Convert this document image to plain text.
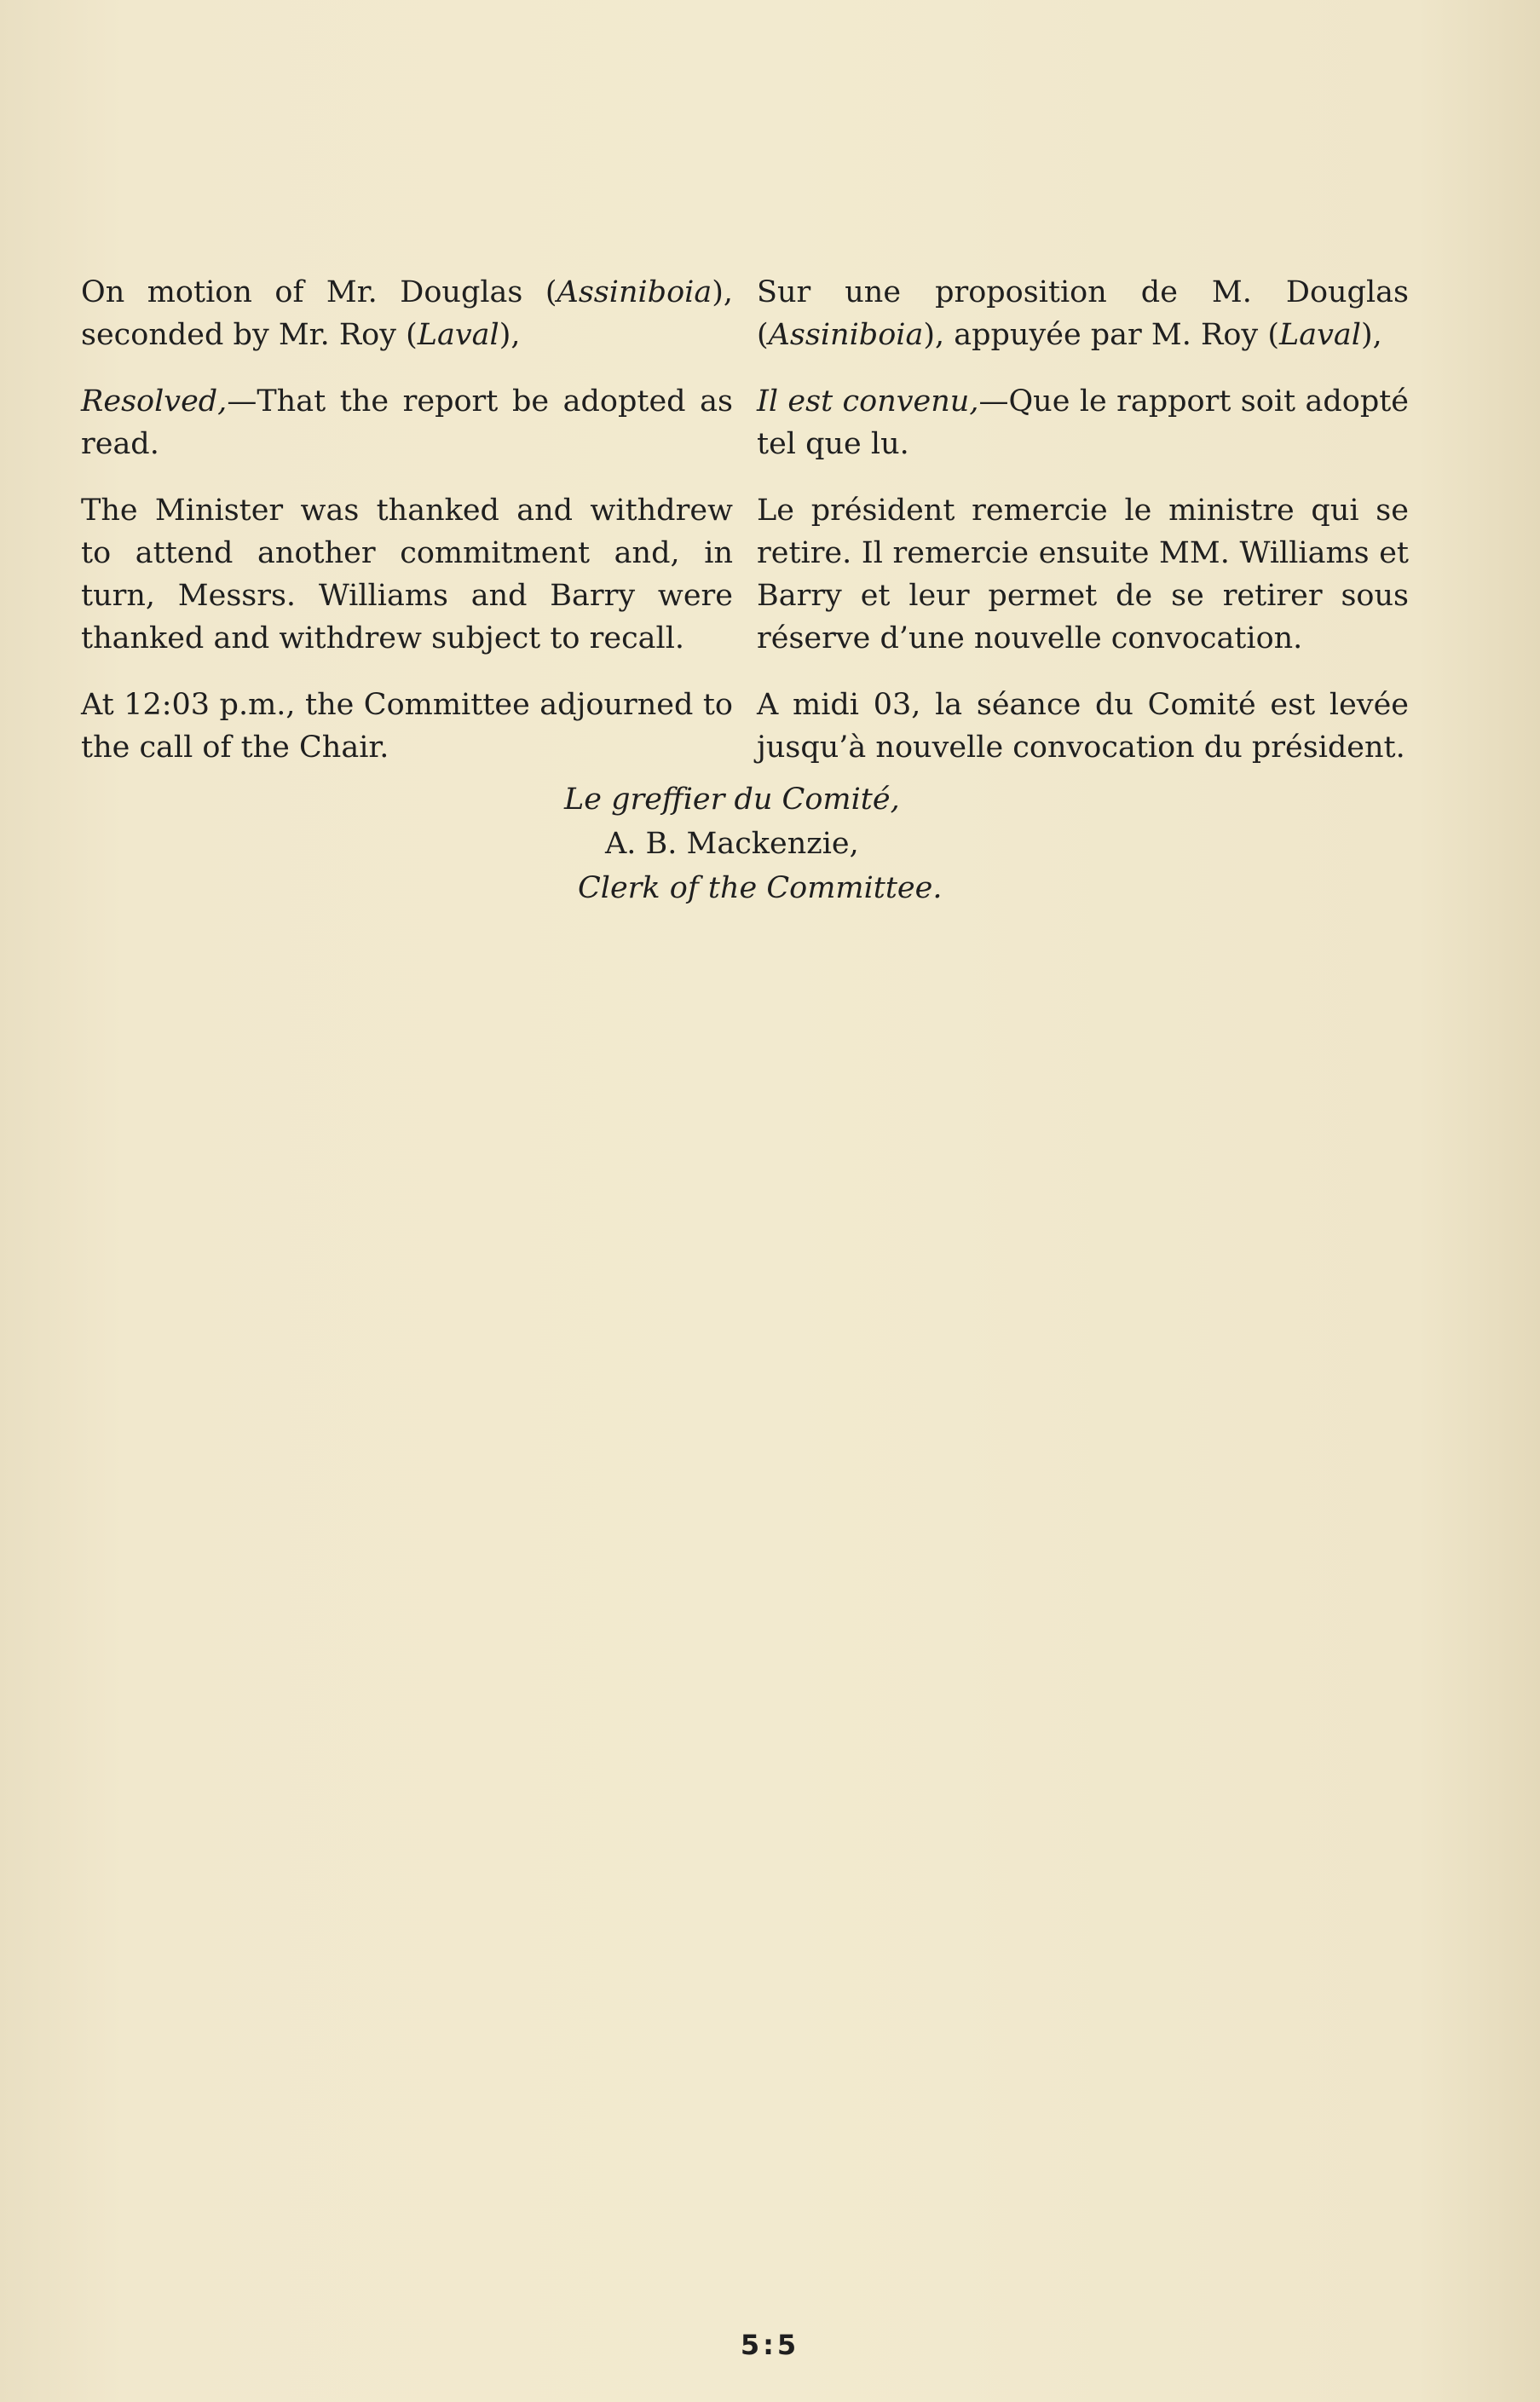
On motion of Mr. Douglas (Assiniboia), seconded by Mr. Roy (Laval),

Resolved,—That the report be adopted as read.

The Minister was thanked and withdrew to attend another commitment and, in turn, Messrs. Williams and Barry were thanked and withdrew subject to recall.

At 12:03 p.m., the Committee adjourned to the call of the Chair.

Sur une proposition de M. Douglas (Assiniboia), appuyée par M. Roy (Laval),

Il est convenu,—Que le rapport soit adopté tel que lu.

Le président remercie le ministre qui se retire. Il remercie ensuite MM. Williams et Barry et leur permet de se retirer sous réserve d’une nouvelle convocation.

A midi 03, la séance du Comité est levée jusqu’à nouvelle convocation du président.

Le greffier du Comité,
A. B. Mackenzie,
Clerk of the Committee.
5:5
